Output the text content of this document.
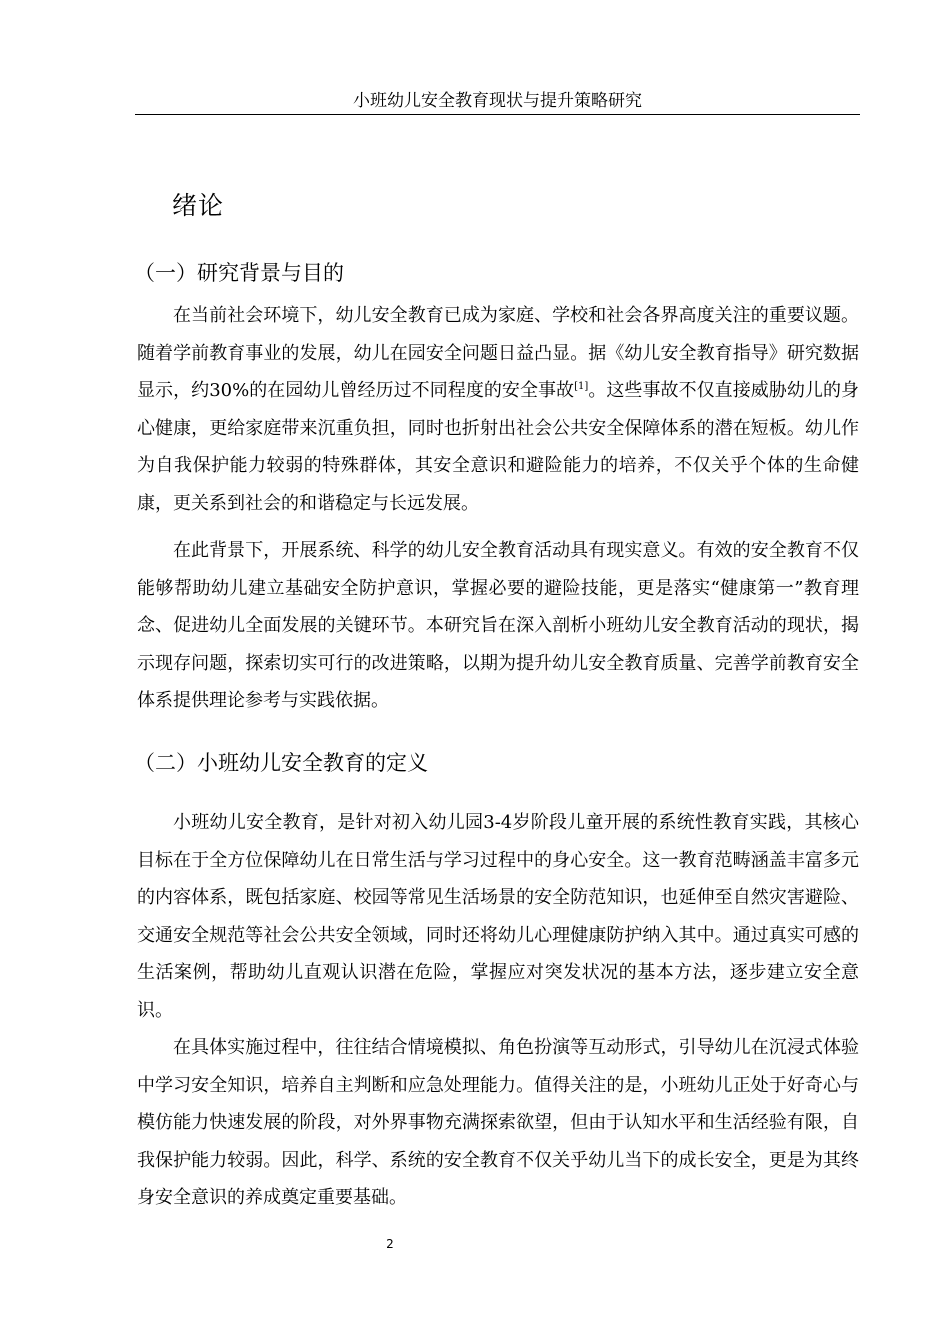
小班幼儿安全教育现状与提升策略研究
绪论
（一）研究背景与目的

在当前社会环境下，幼儿安全教育已成为家庭、学校和社会各界高度关注的重要议题。随着学前教育事业的发展，幼儿在园安全问题日益凸显。据《幼儿安全教育指导》研究数据显示，约30%的在园幼儿曾经历过不同程度的安全事故[1]。这些事故不仅直接威胁幼儿的身心健康，更给家庭带来沉重负担，同时也折射出社会公共安全保障体系的潜在短板。幼儿作为自我保护能力较弱的特殊群体，其安全意识和避险能力的培养，不仅关乎个体的生命健康，更关系到社会的和谐稳定与长远发展。

在此背景下，开展系统、科学的幼儿安全教育活动具有现实意义。有效的安全教育不仅能够帮助幼儿建立基础安全防护意识，掌握必要的避险技能，更是落实“健康第一”教育理念、促进幼儿全面发展的关键环节。本研究旨在深入剖析小班幼儿安全教育活动的现状，揭示现存问题，探索切实可行的改进策略，以期为提升幼儿安全教育质量、完善学前教育安全体系提供理论参考与实践依据。

（二）小班幼儿安全教育的定义

小班幼儿安全教育，是针对初入幼儿园3-4岁阶段儿童开展的系统性教育实践，其核心目标在于全方位保障幼儿在日常生活与学习过程中的身心安全。这一教育范畴涵盖丰富多元的内容体系，既包括家庭、校园等常见生活场景的安全防范知识，也延伸至自然灾害避险、交通安全规范等社会公共安全领域，同时还将幼儿心理健康防护纳入其中。通过真实可感的生活案例，帮助幼儿直观认识潜在危险，掌握应对突发状况的基本方法，逐步建立安全意识。

在具体实施过程中，往往结合情境模拟、角色扮演等互动形式，引导幼儿在沉浸式体验中学习安全知识，培养自主判断和应急处理能力。值得关注的是，小班幼儿正处于好奇心与模仿能力快速发展的阶段，对外界事物充满探索欲望，但由于认知水平和生活经验有限，自我保护能力较弱。因此，科学、系统的安全教育不仅关乎幼儿当下的成长安全，更是为其终身安全意识的养成奠定重要基础。

2
